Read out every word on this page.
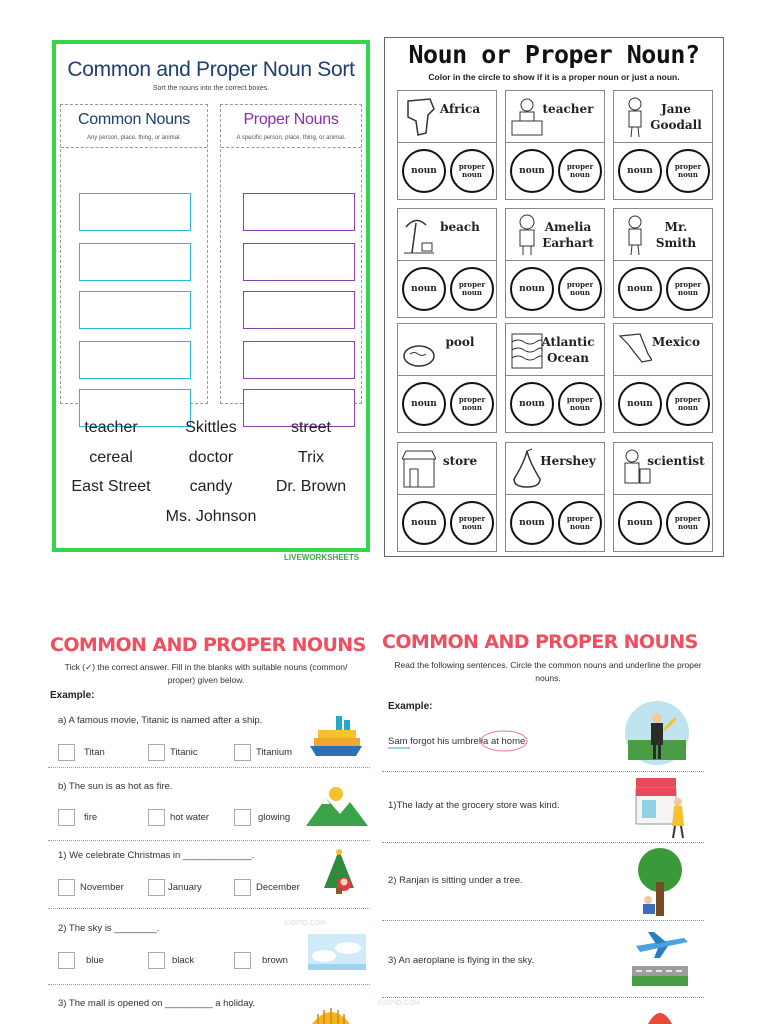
Common and Proper Noun Sort
Sort the nouns into the correct boxes.
Common Nouns
Any person, place, thing, or animal.
Proper Nouns
A specific person, place, thing, or animal.
teacher	Skittles	street
cereal	doctor	Trix
East Street	candy	Dr. Brown
Ms. Johnson
LIVEWORKSHEETS
Noun or Proper Noun?
Color in the circle to show if it is a proper noun or just a noun.
Africa
noun	proper noun
teacher
noun	proper noun
Jane Goodall
noun	proper noun
beach
noun	proper noun
Amelia Earhart
noun	proper noun
Mr. Smith
noun	proper noun
pool
noun	proper noun
Atlantic Ocean
noun	proper noun
Mexico
noun	proper noun
store
noun	proper noun
Hershey
noun	proper noun
scientist
noun	proper noun
COMMON AND PROPER NOUNS
Tick (✓) the correct answer. Fill in the blanks with suitable nouns (common/ proper) given below.
Example:
a) A famous movie, Titanic is named after a ship.
Titan	Titanic	Titanium
b) The sun is as hot as fire.
fire	hot water	glowing
1) We celebrate Christmas in _____________.
November	January	December
KIDPID.COM
2) The sky is ________.
blue	black	brown
3) The mall is opened on _________ a holiday.
COMMON AND PROPER NOUNS
Read the following sentences. Circle the common nouns and underline the proper nouns.
Example:
Sam forgot his umbrella at home.
1)The lady at the grocery store was kind.
2) Ranjan is sitting under a tree.
3) An aeroplane is flying in the sky.
KIDPID.COM
